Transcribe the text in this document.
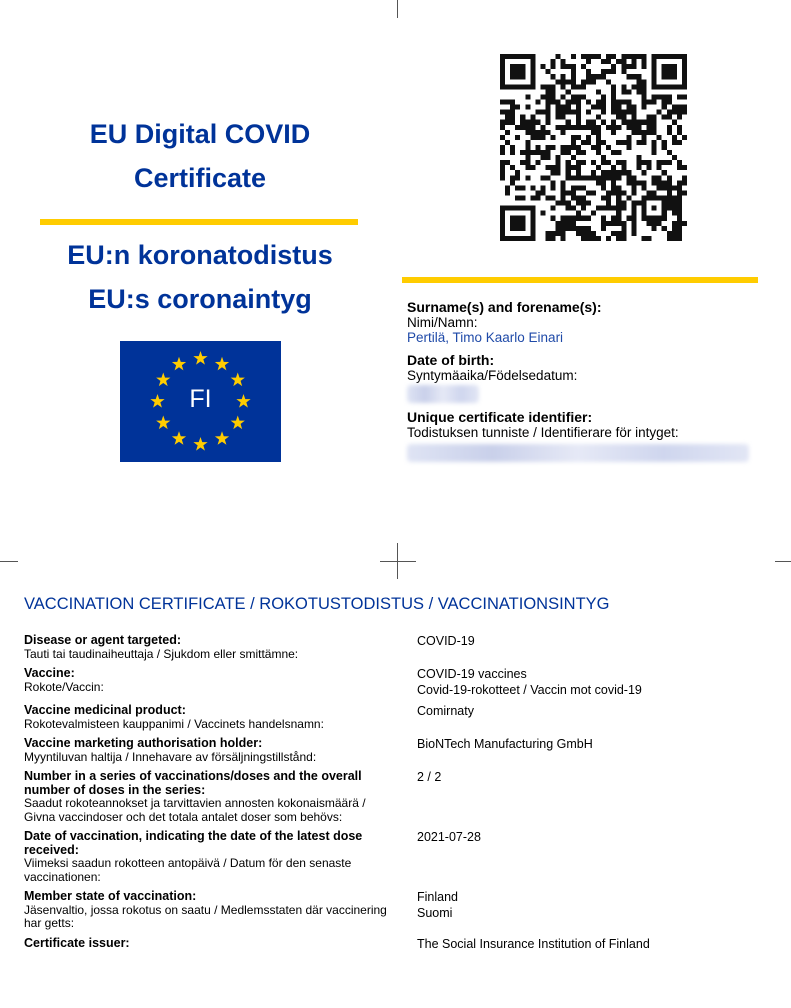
EU Digital COVID
Certificate
EU:n koronatodistus
EU:s coronaintyg
FI
Surname(s) and forename(s):
Nimi/Namn:
Pertilä, Timo Kaarlo Einari
Date of birth:
Syntymäaika/Födelsedatum:
Unique certificate identifier:
Todistuksen tunniste / Identifierare för intyget:
VACCINATION CERTIFICATE / ROKOTUSTODISTUS / VACCINATIONSINTYG
Disease or agent targeted:
Tauti tai taudinaiheuttaja / Sjukdom eller smittämne:
COVID-19
Vaccine:
Rokote/Vaccin:
COVID-19 vaccines
Covid-19-rokotteet / Vaccin mot covid-19
Vaccine medicinal product:
Rokotevalmisteen kauppanimi / Vaccinets handelsnamn:
Comirnaty
Vaccine marketing authorisation holder:
Myyntiluvan haltija / Innehavare av försäljningstillstånd:
BioNTech Manufacturing GmbH
Number in a series of vaccinations/doses and the overall number of doses in the series:
Saadut rokoteannokset ja tarvittavien annosten kokonaismäärä / Givna vaccindoser och det totala antalet doser som behövs:
2 / 2
Date of vaccination, indicating the date of the latest dose received:
Viimeksi saadun rokotteen antopäivä / Datum för den senaste vaccinationen:
2021-07-28
Member state of vaccination:
Jäsenvaltio, jossa rokotus on saatu / Medlemsstaten där vaccinering har getts:
Finland
Suomi
Certificate issuer:	The Social Insurance Institution of Finland
